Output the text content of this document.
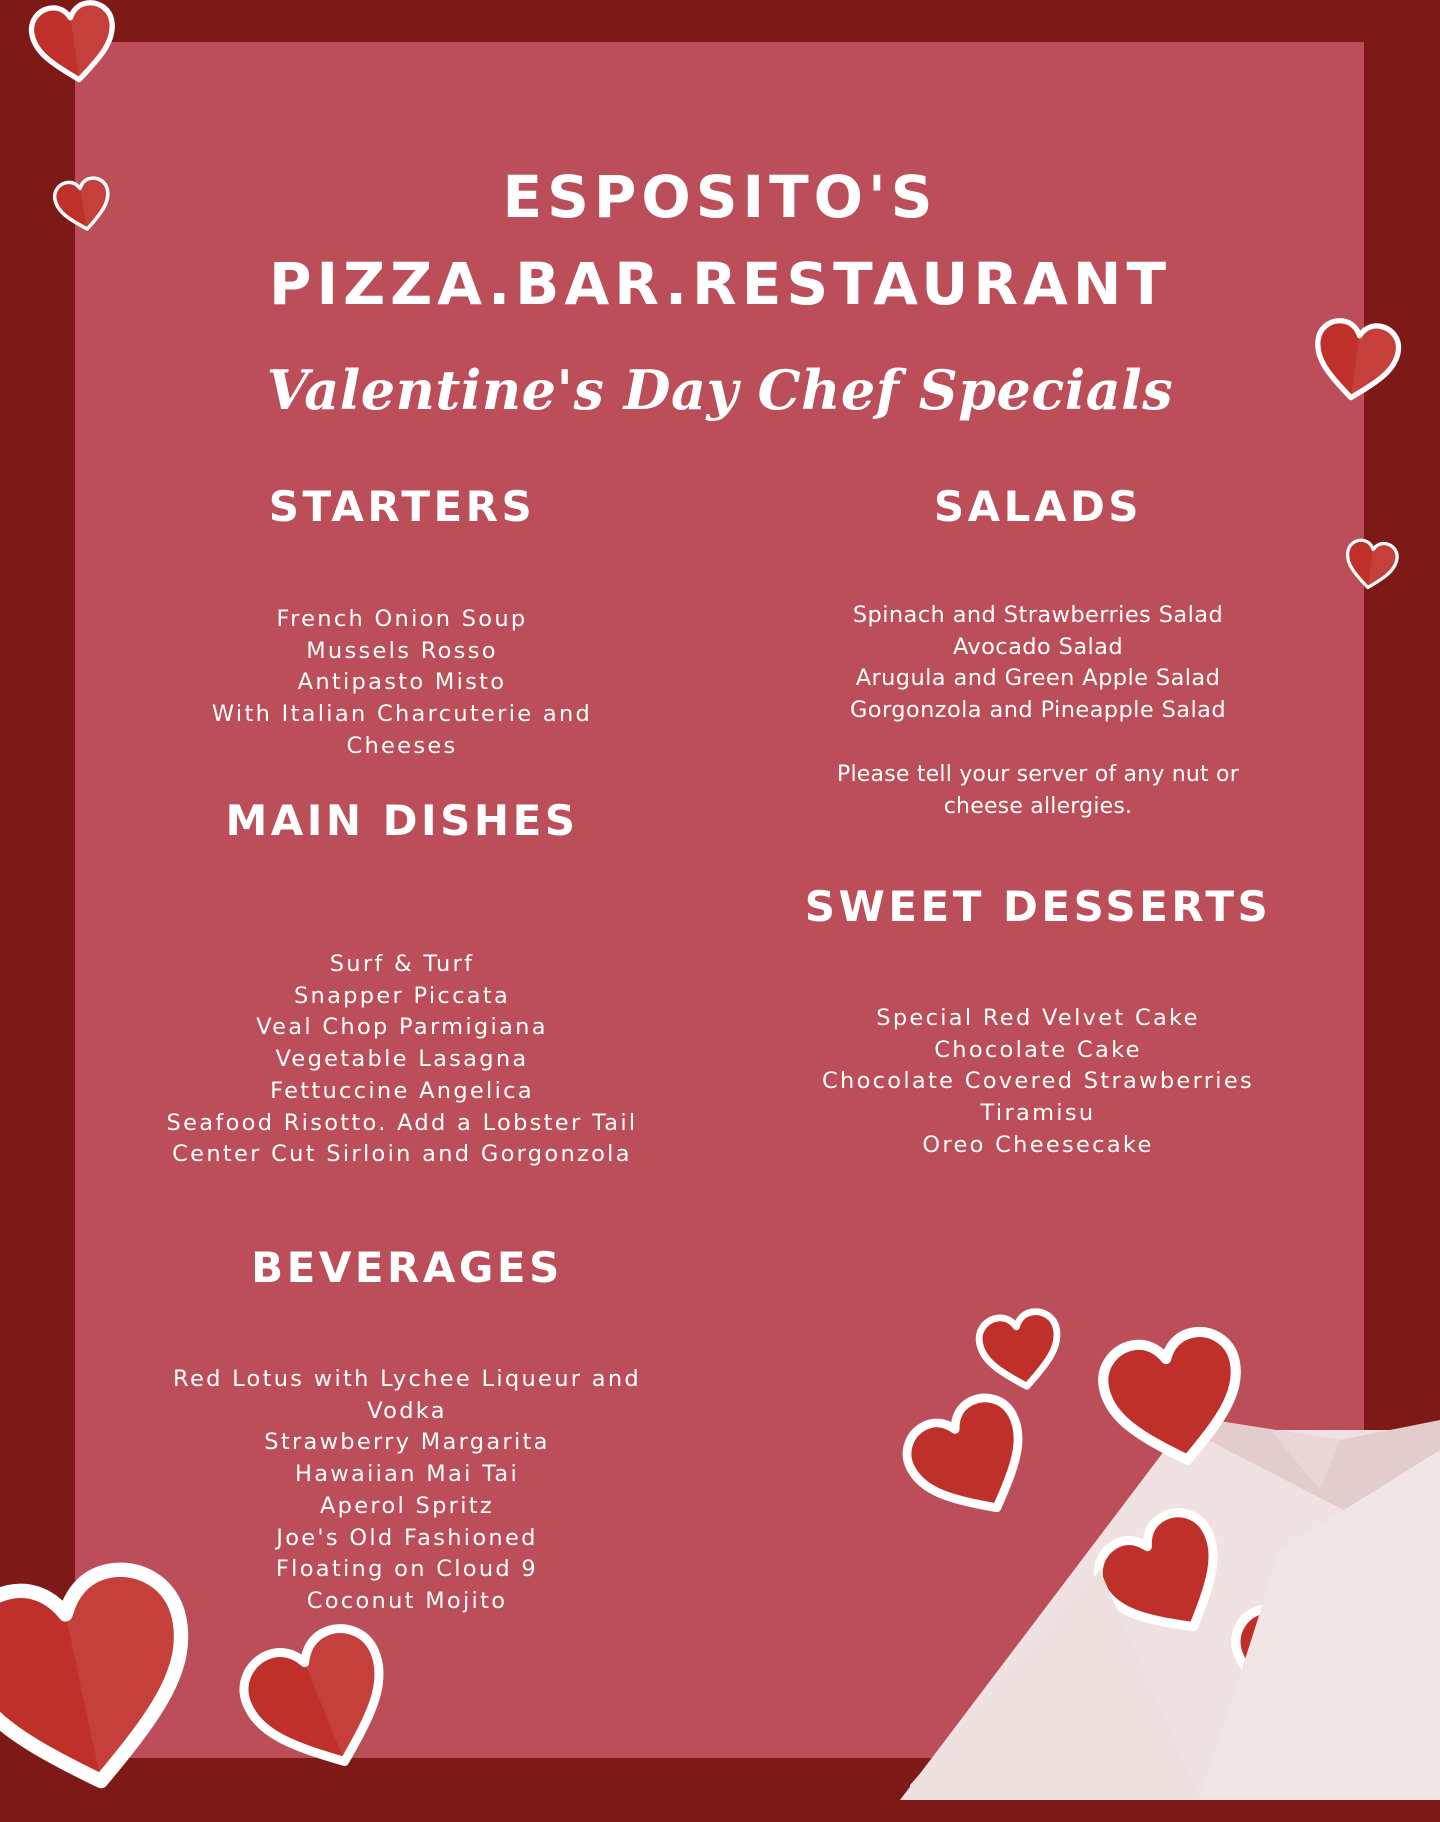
ESPOSITO'S
PIZZA.BAR.RESTAURANT
Valentine's Day Chef Specials
STARTERS
French Onion Soup
Mussels Rosso
Antipasto Misto
With Italian Charcuterie and
Cheeses
MAIN DISHES
Surf & Turf
Snapper Piccata
Veal Chop Parmigiana
Vegetable Lasagna
Fettuccine Angelica
Seafood Risotto. Add a Lobster Tail
Center Cut Sirloin and Gorgonzola
BEVERAGES
Red Lotus with Lychee Liqueur and
Vodka
Strawberry Margarita
Hawaiian Mai Tai
Aperol Spritz
Joe's Old Fashioned
Floating on Cloud 9
Coconut Mojito
SALADS
Spinach and Strawberries Salad
Avocado Salad
Arugula and Green Apple Salad
Gorgonzola and Pineapple Salad

Please tell your server of any nut or

cheese allergies.

SWEET DESSERTS
Special Red Velvet Cake
Chocolate Cake
Chocolate Covered Strawberries
Tiramisu
Oreo Cheesecake
